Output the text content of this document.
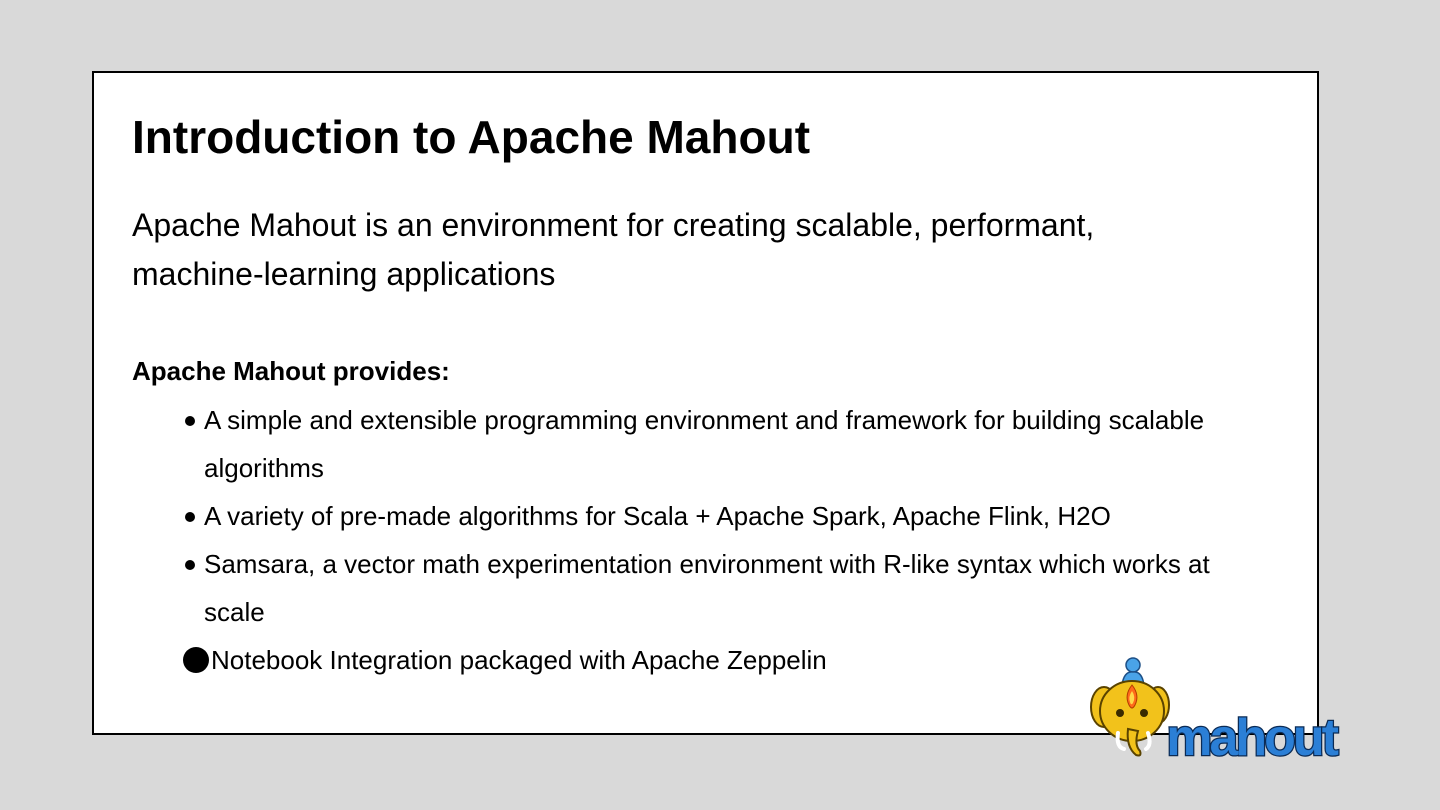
Introduction to Apache Mahout

Apache Mahout is an environment for creating scalable, performant, machine-learning applications

Apache Mahout provides:

A simple and extensible programming environment and framework for building scalable algorithms
A variety of pre-made algorithms for Scala + Apache Spark, Apache Flink, H2O
Samsara, a vector math experimentation environment with R-like syntax which works at scale
Notebook Integration packaged with Apache Zeppelin
mahout
